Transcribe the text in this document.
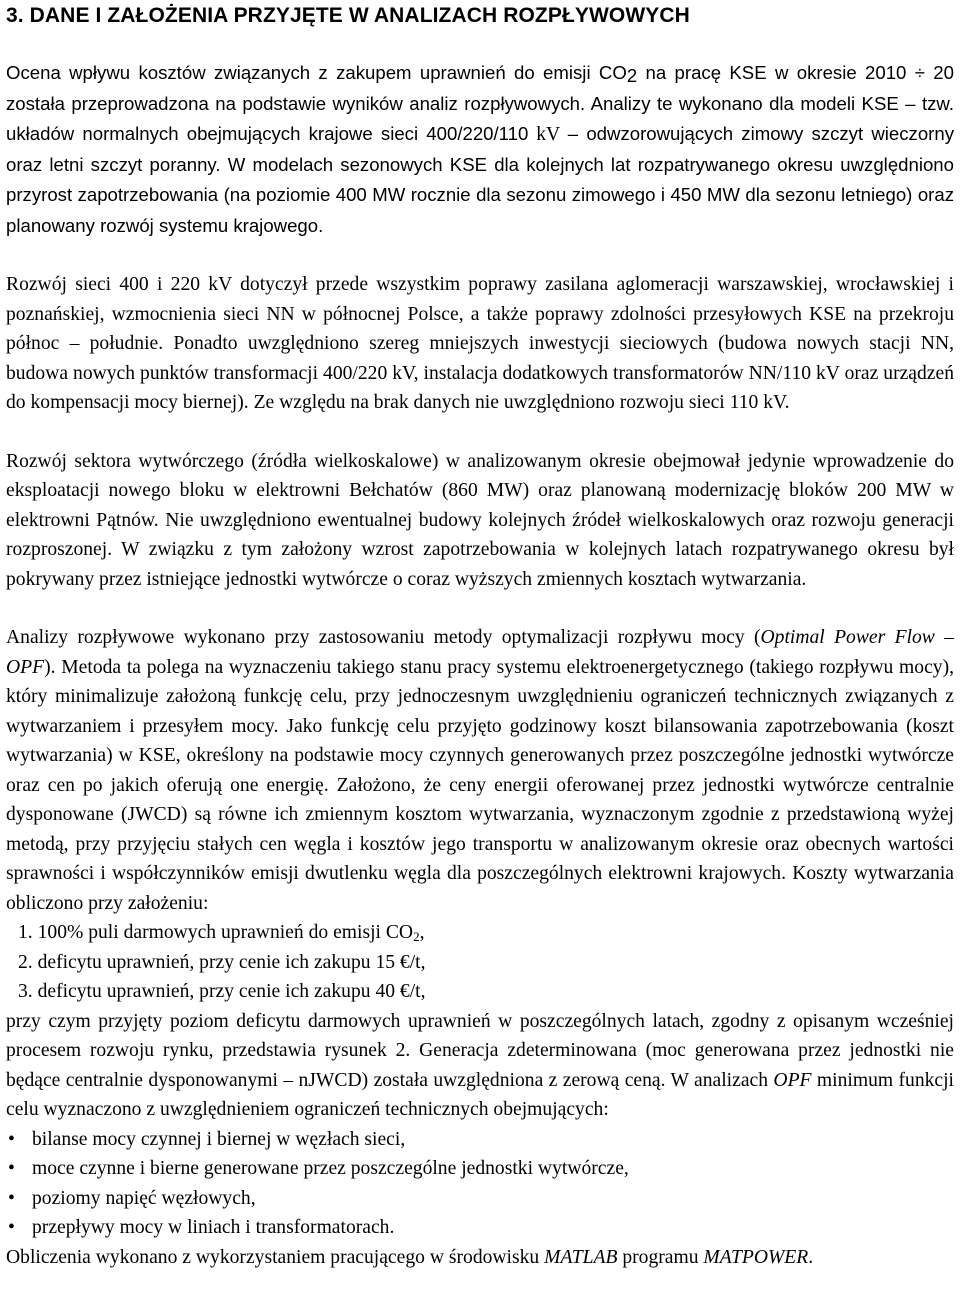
3. DANE I ZAŁOŻENIA PRZYJĘTE W ANALIZACH ROZPŁYWOWYCH

Ocena wpływu kosztów związanych z zakupem uprawnień do emisji $CO_2$ na pracę KSE w okresie 2010 ÷ 20 została przeprowadzona na podstawie wyników analiz rozpływowych. Analizy te wykonano dla modeli KSE – tzw. układów normalnych obejmujących krajowe sieci 400/220/110 kV – odwzorowujących zimowy szczyt wieczorny oraz letni szczyt poranny. W modelach sezonowych KSE dla kolejnych lat rozpatrywanego okresu uwzględniono przyrost zapotrzebowania (na poziomie 400 MW rocznie dla sezonu zimowego i 450 MW dla sezonu letniego) oraz planowany rozwój systemu krajowego.

Rozwój sieci 400 i 220 kV dotyczył przede wszystkim poprawy zasilana aglomeracji warszawskiej, wrocławskiej i poznańskiej, wzmocnienia sieci NN w północnej Polsce, a także poprawy zdolności przesyłowych KSE na przekroju północ – południe. Ponadto uwzględniono szereg mniejszych inwestycji sieciowych (budowa nowych stacji NN, budowa nowych punktów transformacji 400/220 kV, instalacja dodatkowych transformatorów NN/110 kV oraz urządzeń do kompensacji mocy biernej). Ze względu na brak danych nie uwzględniono rozwoju sieci 110 kV.

Rozwój sektora wytwórczego (źródła wielkoskalowe) w analizowanym okresie obejmował jedynie wprowadzenie do eksploatacji nowego bloku w elektrowni Bełchatów (860 MW) oraz planowaną modernizację bloków 200 MW w elektrowni Pątnów. Nie uwzględniono ewentualnej budowy kolejnych źródeł wielkoskalowych oraz rozwoju generacji rozproszonej. W związku z tym założony wzrost zapotrzebowania w kolejnych latach rozpatrywanego okresu był pokrywany przez istniejące jednostki wytwórcze o coraz wyższych zmiennych kosztach wytwarzania.

Analizy rozpływowe wykonano przy zastosowaniu metody optymalizacji rozpływu mocy (Optimal Power Flow – OPF). Metoda ta polega na wyznaczeniu takiego stanu pracy systemu elektroenergetycznego (takiego rozpływu mocy), który minimalizuje założoną funkcję celu, przy jednoczesnym uwzględnieniu ograniczeń technicznych związanych z wytwarzaniem i przesyłem mocy. Jako funkcję celu przyjęto godzinowy koszt bilansowania zapotrzebowania (koszt wytwarzania) w KSE, określony na podstawie mocy czynnych generowanych przez poszczególne jednostki wytwórcze oraz cen po jakich oferują one energię. Założono, że ceny energii oferowanej przez jednostki wytwórcze centralnie dysponowane (JWCD) są równe ich zmiennym kosztom wytwarzania, wyznaczonym zgodnie z przedstawioną wyżej metodą, przy przyjęciu stałych cen węgla i kosztów jego transportu w analizowanym okresie oraz obecnych wartości sprawności i współczynników emisji dwutlenku węgla dla poszczególnych elektrowni krajowych. Koszty wytwarzania obliczono przy założeniu:

1. 100% puli darmowych uprawnień do emisji $CO_2$,
2. deficytu uprawnień, przy cenie ich zakupu 15 €/t,
3. deficytu uprawnień, przy cenie ich zakupu 40 €/t,

przy czym przyjęty poziom deficytu darmowych uprawnień w poszczególnych latach, zgodny z opisanym wcześniej procesem rozwoju rynku, przedstawia rysunek 2. Generacja zdeterminowana (moc generowana przez jednostki nie będące centralnie dysponowanymi – nJWCD) została uwzględniona z zerową ceną. W analizach OPF minimum funkcji celu wyznaczono z uwzględnieniem ograniczeń technicznych obejmujących:

• bilanse mocy czynnej i biernej w węzłach sieci,
• moce czynne i bierne generowane przez poszczególne jednostki wytwórcze,
• poziomy napięć węzłowych,
• przepływy mocy w liniach i transformatorach.

Obliczenia wykonano z wykorzystaniem pracującego w środowisku MATLAB programu MATPOWER.
